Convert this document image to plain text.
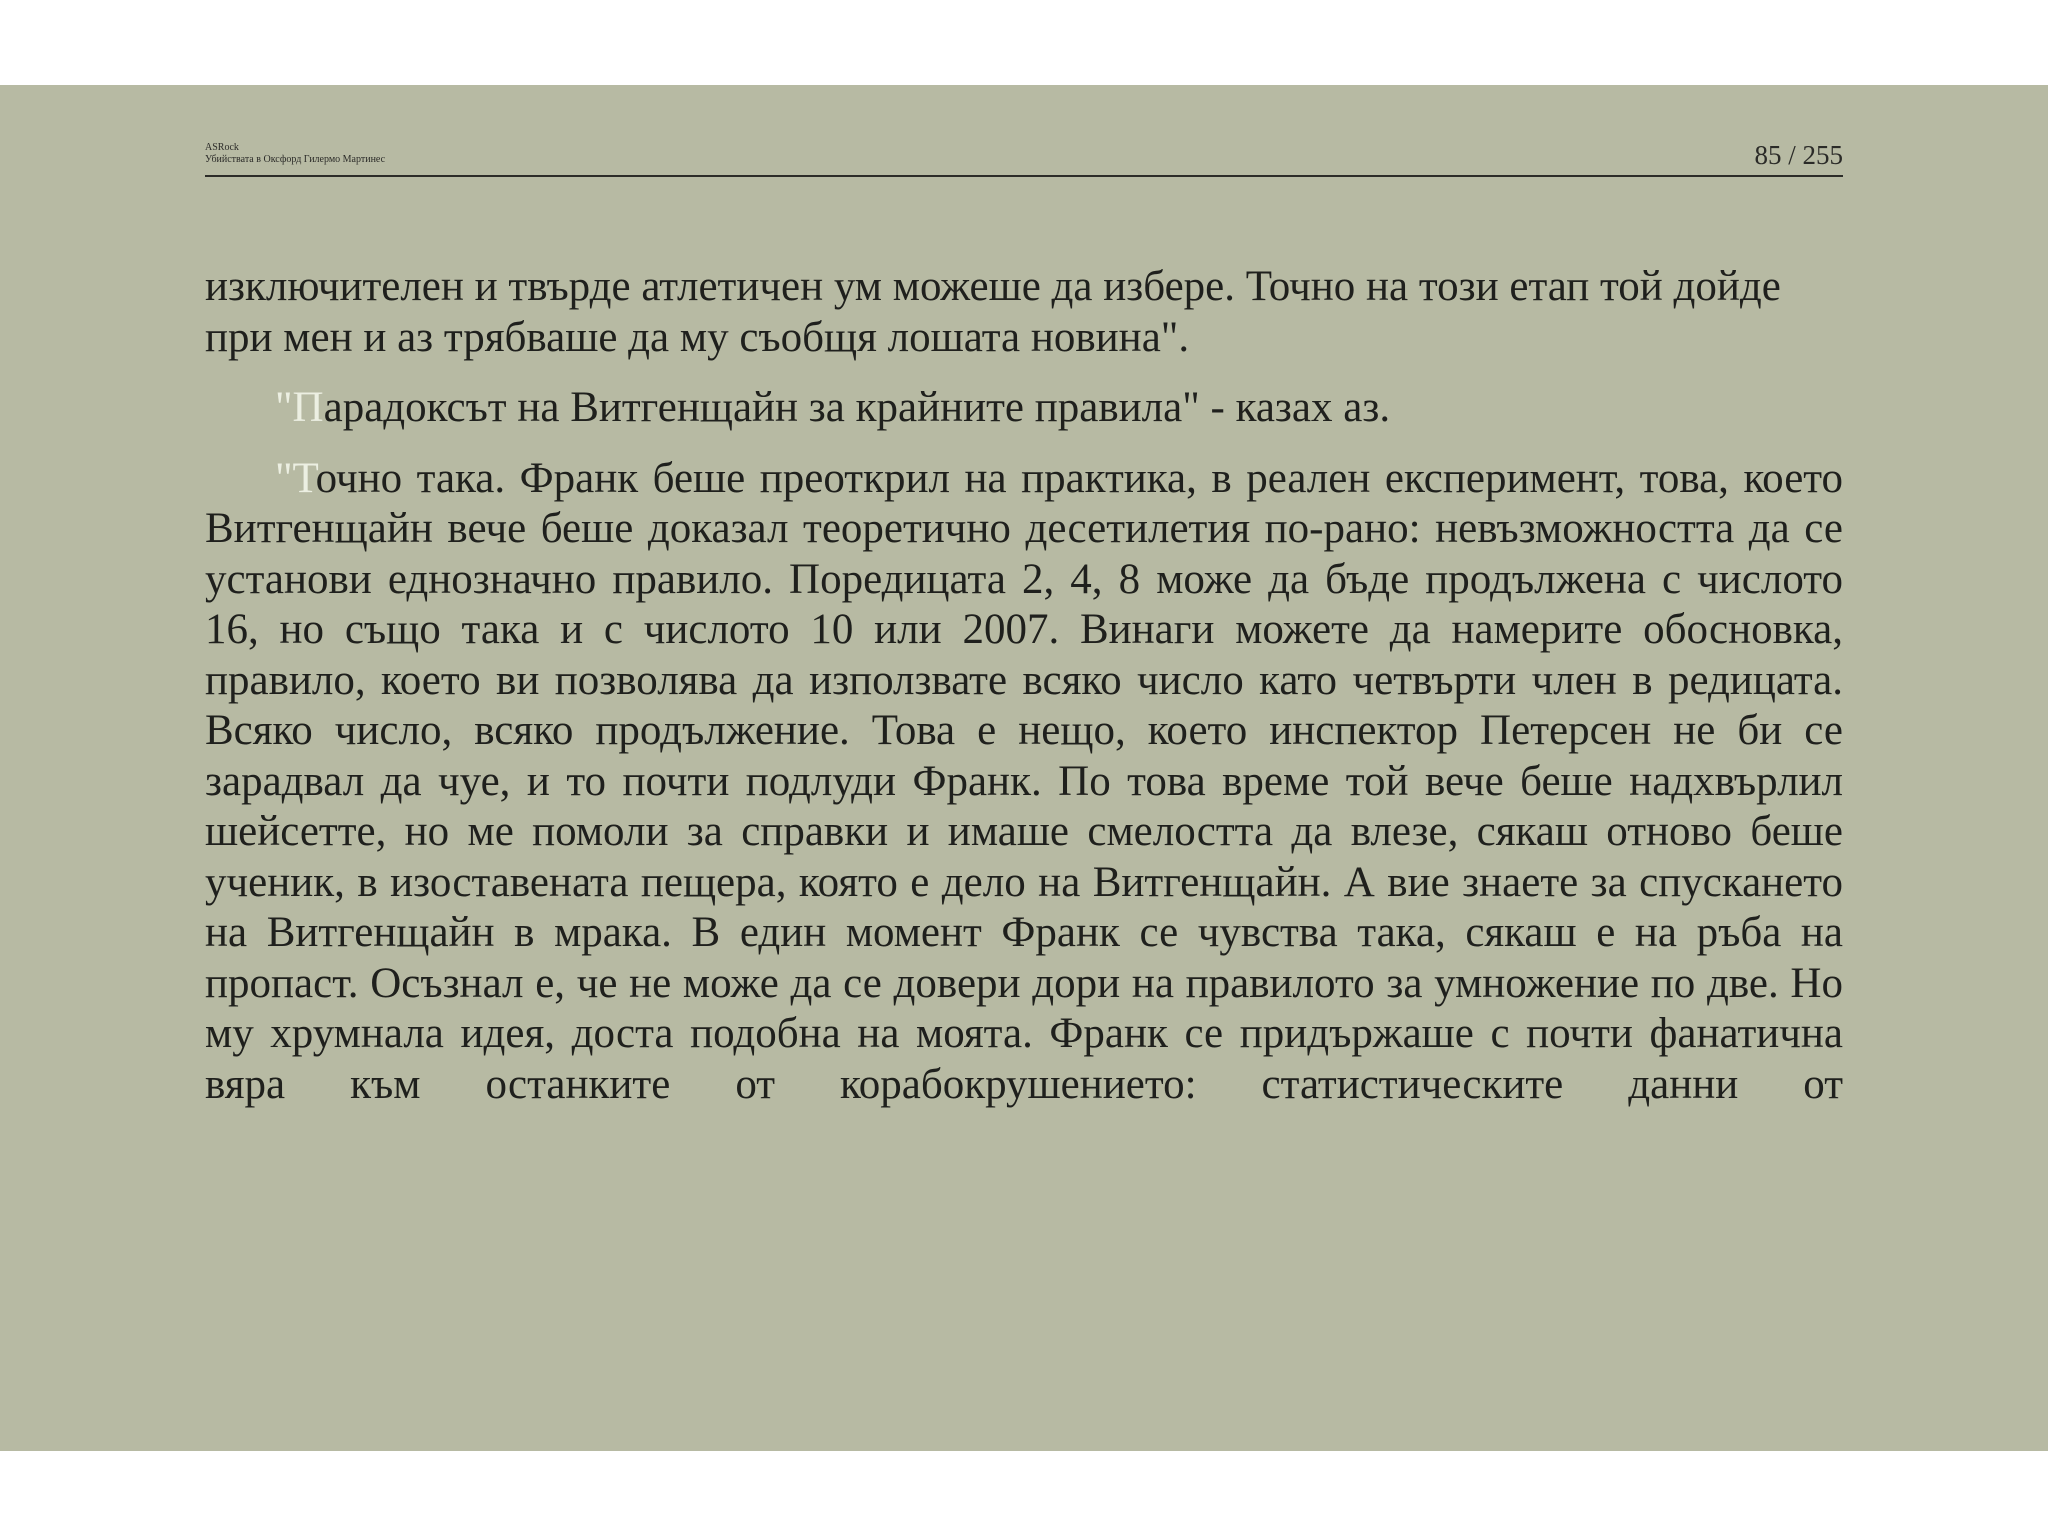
ASRock
Убийствата в Оксфорд Гилермо Мартинес	85 / 255

изключителен и твърде атлетичен ум можеше да избере. Точно на този етап той дойде при мен и аз трябваше да му съобщя лошата новина".

"Парадоксът на Витгенщайн за крайните правила" - казах аз.

"Точно така. Франк беше преоткрил на практика, в реален експеримент, това, което Витгенщайн вече беше доказал теоретично десетилетия по-рано: невъзможността да се установи еднозначно правило. Поредицата 2, 4, 8 може да бъде продължена с числото 16, но също така и с числото 10 или 2007. Винаги можете да намерите обосновка, правило, което ви позволява да използвате всяко число като четвърти член в редицата. Всяко число, всяко продължение. Това е нещо, което инспектор Петерсен не би се зарадвал да чуе, и то почти подлуди Франк. По това време той вече беше надхвърлил шейсетте, но ме помоли за справки и имаше смелостта да влезе, сякаш отново беше ученик, в изоставената пещера, която е дело на Витгенщайн. А вие знаете за спускането на Витгенщайн в мрака. В един момент Франк се чувства така, сякаш е на ръба на пропаст. Осъзнал е, че не може да се довери дори на правилото за умножение по две. Но му хрумнала идея, доста подобна на моята. Франк се придържаше с почти фанатична вяра към останките от корабокрушението: статистическите данни от
